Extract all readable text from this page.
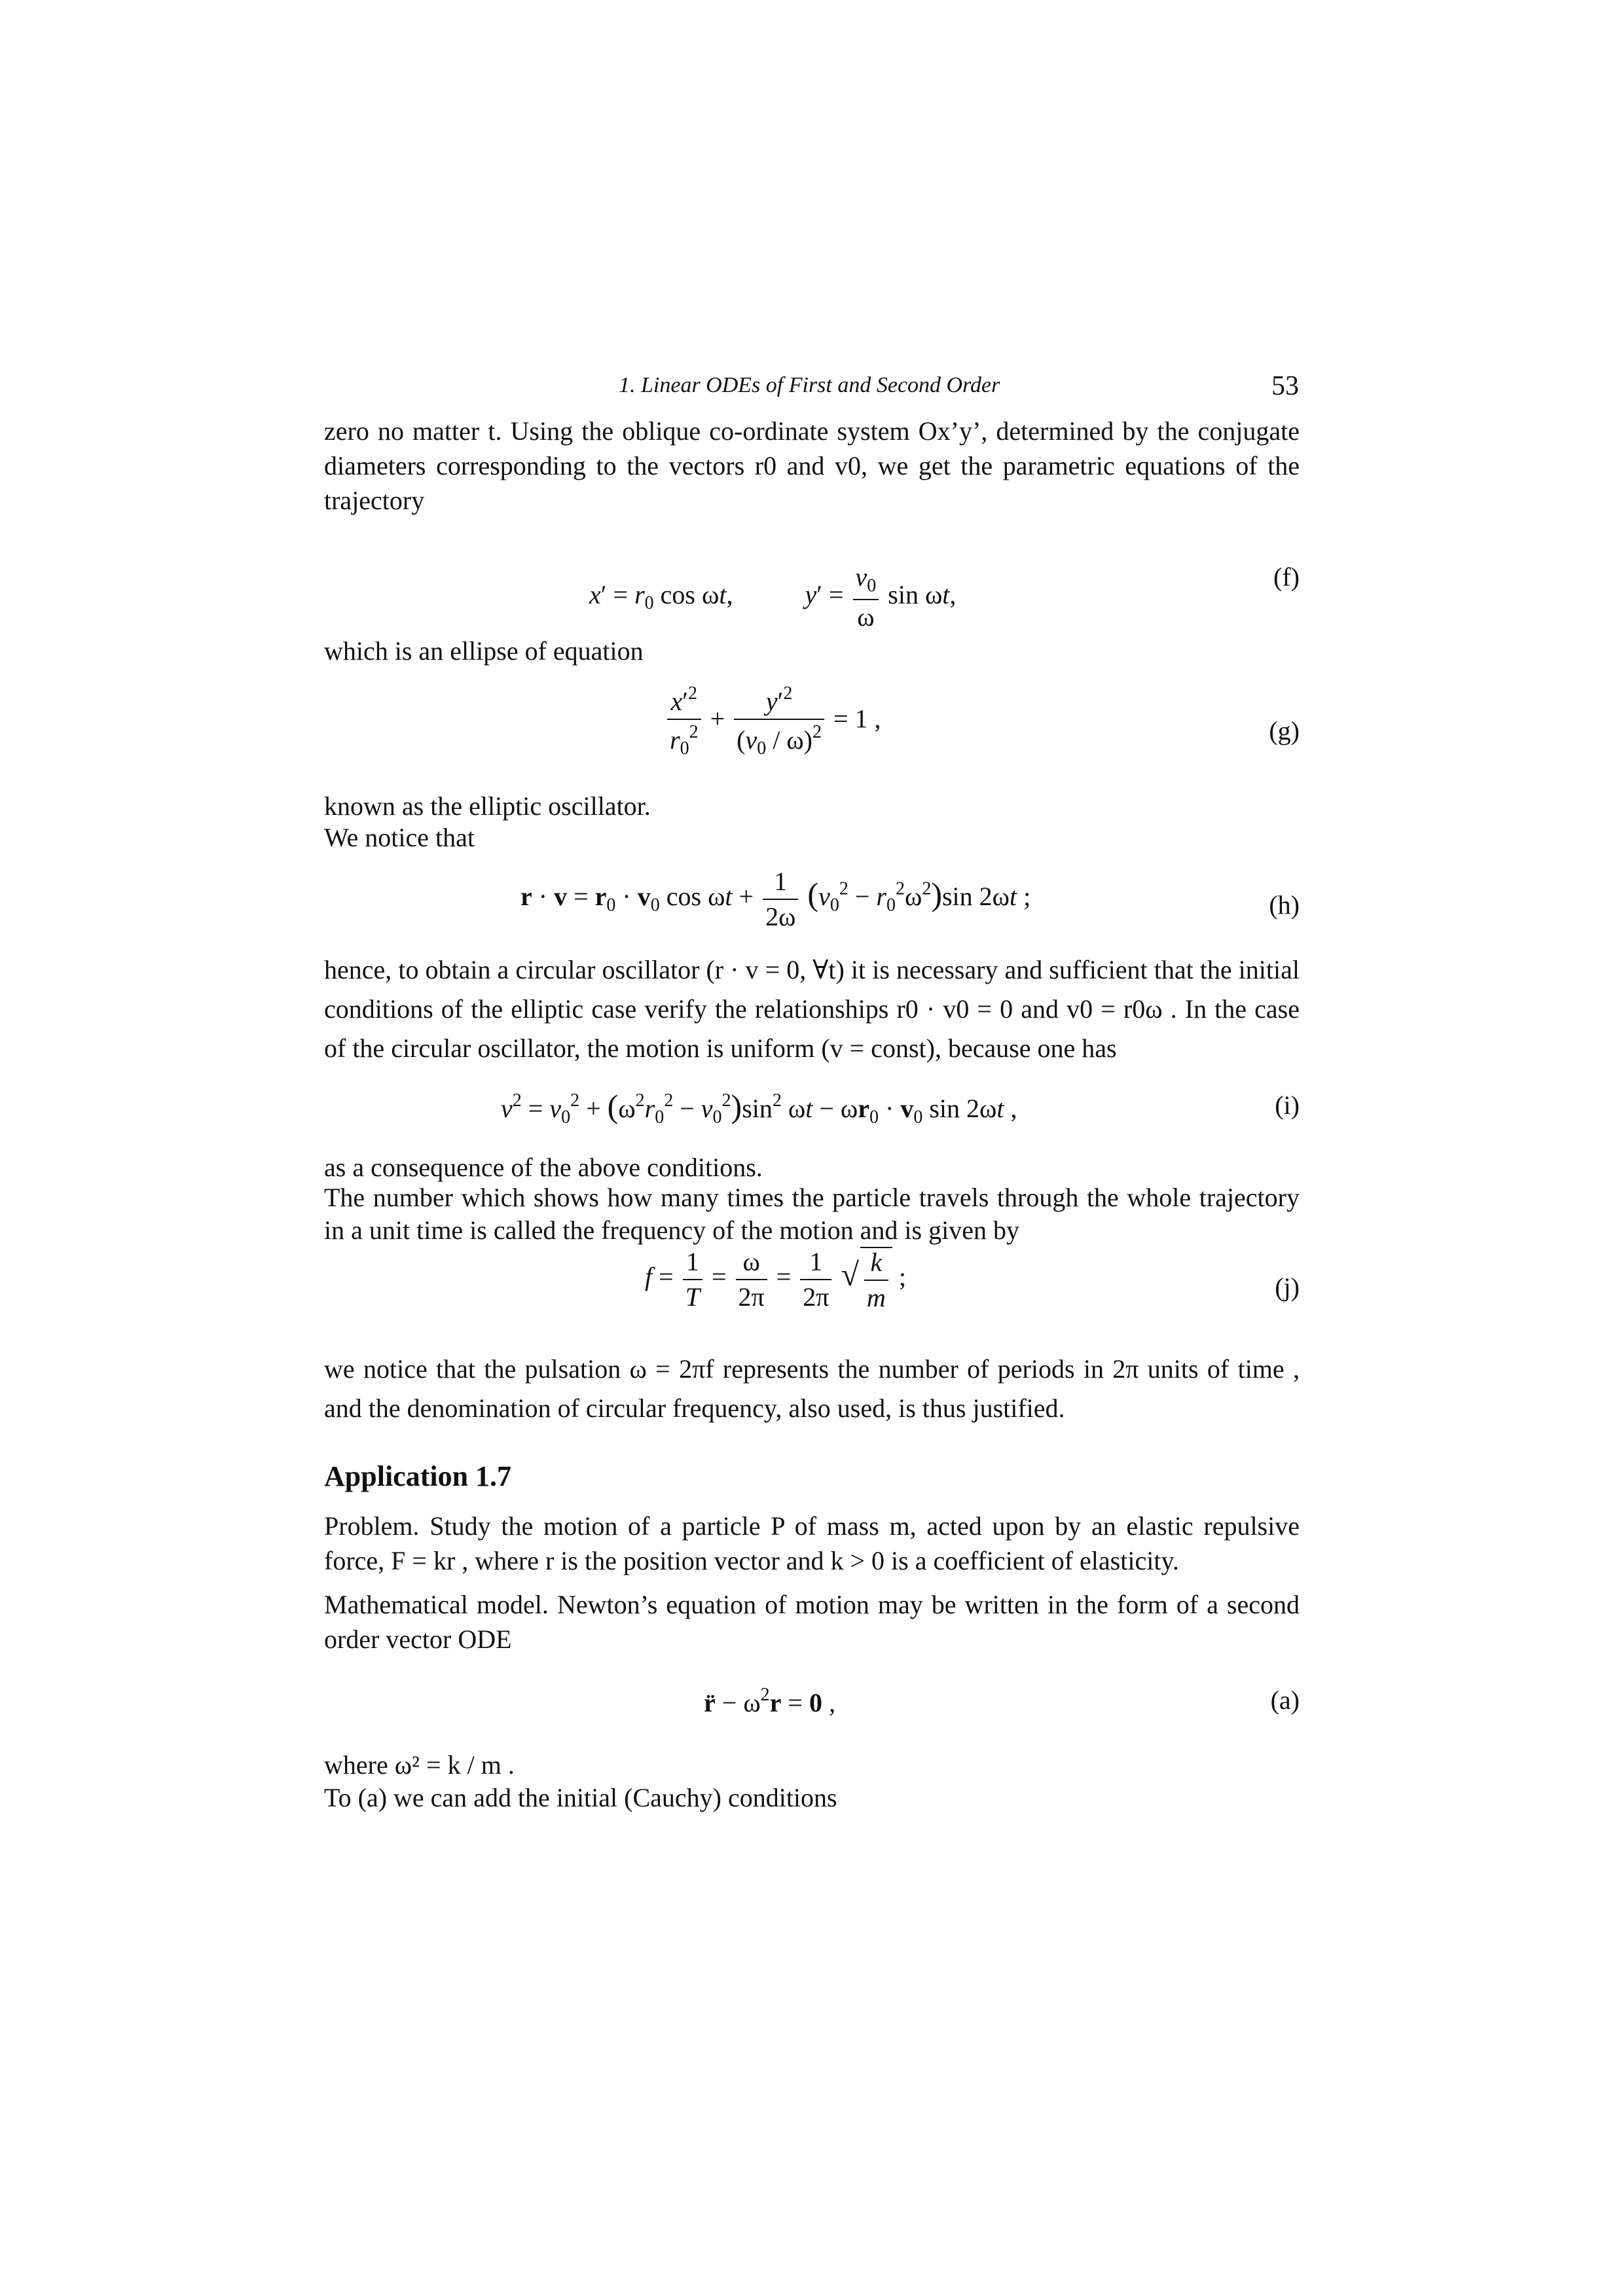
1. Linear ODEs of First and Second Order	53
zero no matter t. Using the oblique co-ordinate system Ox’y’, determined by the conjugate diameters corresponding to the vectors r0 and v0, we get the parametric equations of the trajectory
$x' = r_0$ cos ωt,	$y' = \frac{v_0}{\omega}$ sin ωt,
(f)
which is an ellipse of equation
$\frac{x'^2}{r_0^2} + \frac{y'^2}{(v_0 / \omega)^2} = 1$ ,	(g)
known as the elliptic oscillator.
We notice that
$r \cdot v = r_0 \cdot v_0$ $\cos \omega t + \frac{1}{2\omega} (v_0^2 - r_0^2\omega^2)\sin$ 2ωt ;	(h)
hence, to obtain a circular oscillator (r · v = 0, ∀t) it is necessary and sufficient that the initial conditions of the elliptic case verify the relationships r0 · v0 = 0 and v0 = r0ω . In the case of the circular oscillator, the motion is uniform (v = const), because one has
$v^2 = v_0^2 + (\omega^2r_0^2 - v_0^2)\sin^2$ $\omega t - \omega r_0 \cdot v_0$ sin 2ωt ,	(i)
as a consequence of the above conditions.
The number which shows how many times the particle travels through the whole trajectory in a unit time is called the frequency of the motion and is given by
$f = \frac{1}{T} = \frac{\omega}{2\pi} = \frac{1}{2\pi}$ √ $\frac{k}{m}$ ;	(j)
we notice that the pulsation ω = 2πf represents the number of periods in 2π units of time , and the denomination of circular frequency, also used, is thus justified.
Application 1.7
Problem. Study the motion of a particle P of mass m, acted upon by an elastic repulsive force, F = kr , where r is the position vector and k > 0 is a coefficient of elasticity.
Mathematical model. Newton’s equation of motion may be written in the form of a second order vector ODE
r̈ − $\omega^2r = 0$ ,	(a)
where ω² = k / m .
To (a) we can add the initial (Cauchy) conditions
